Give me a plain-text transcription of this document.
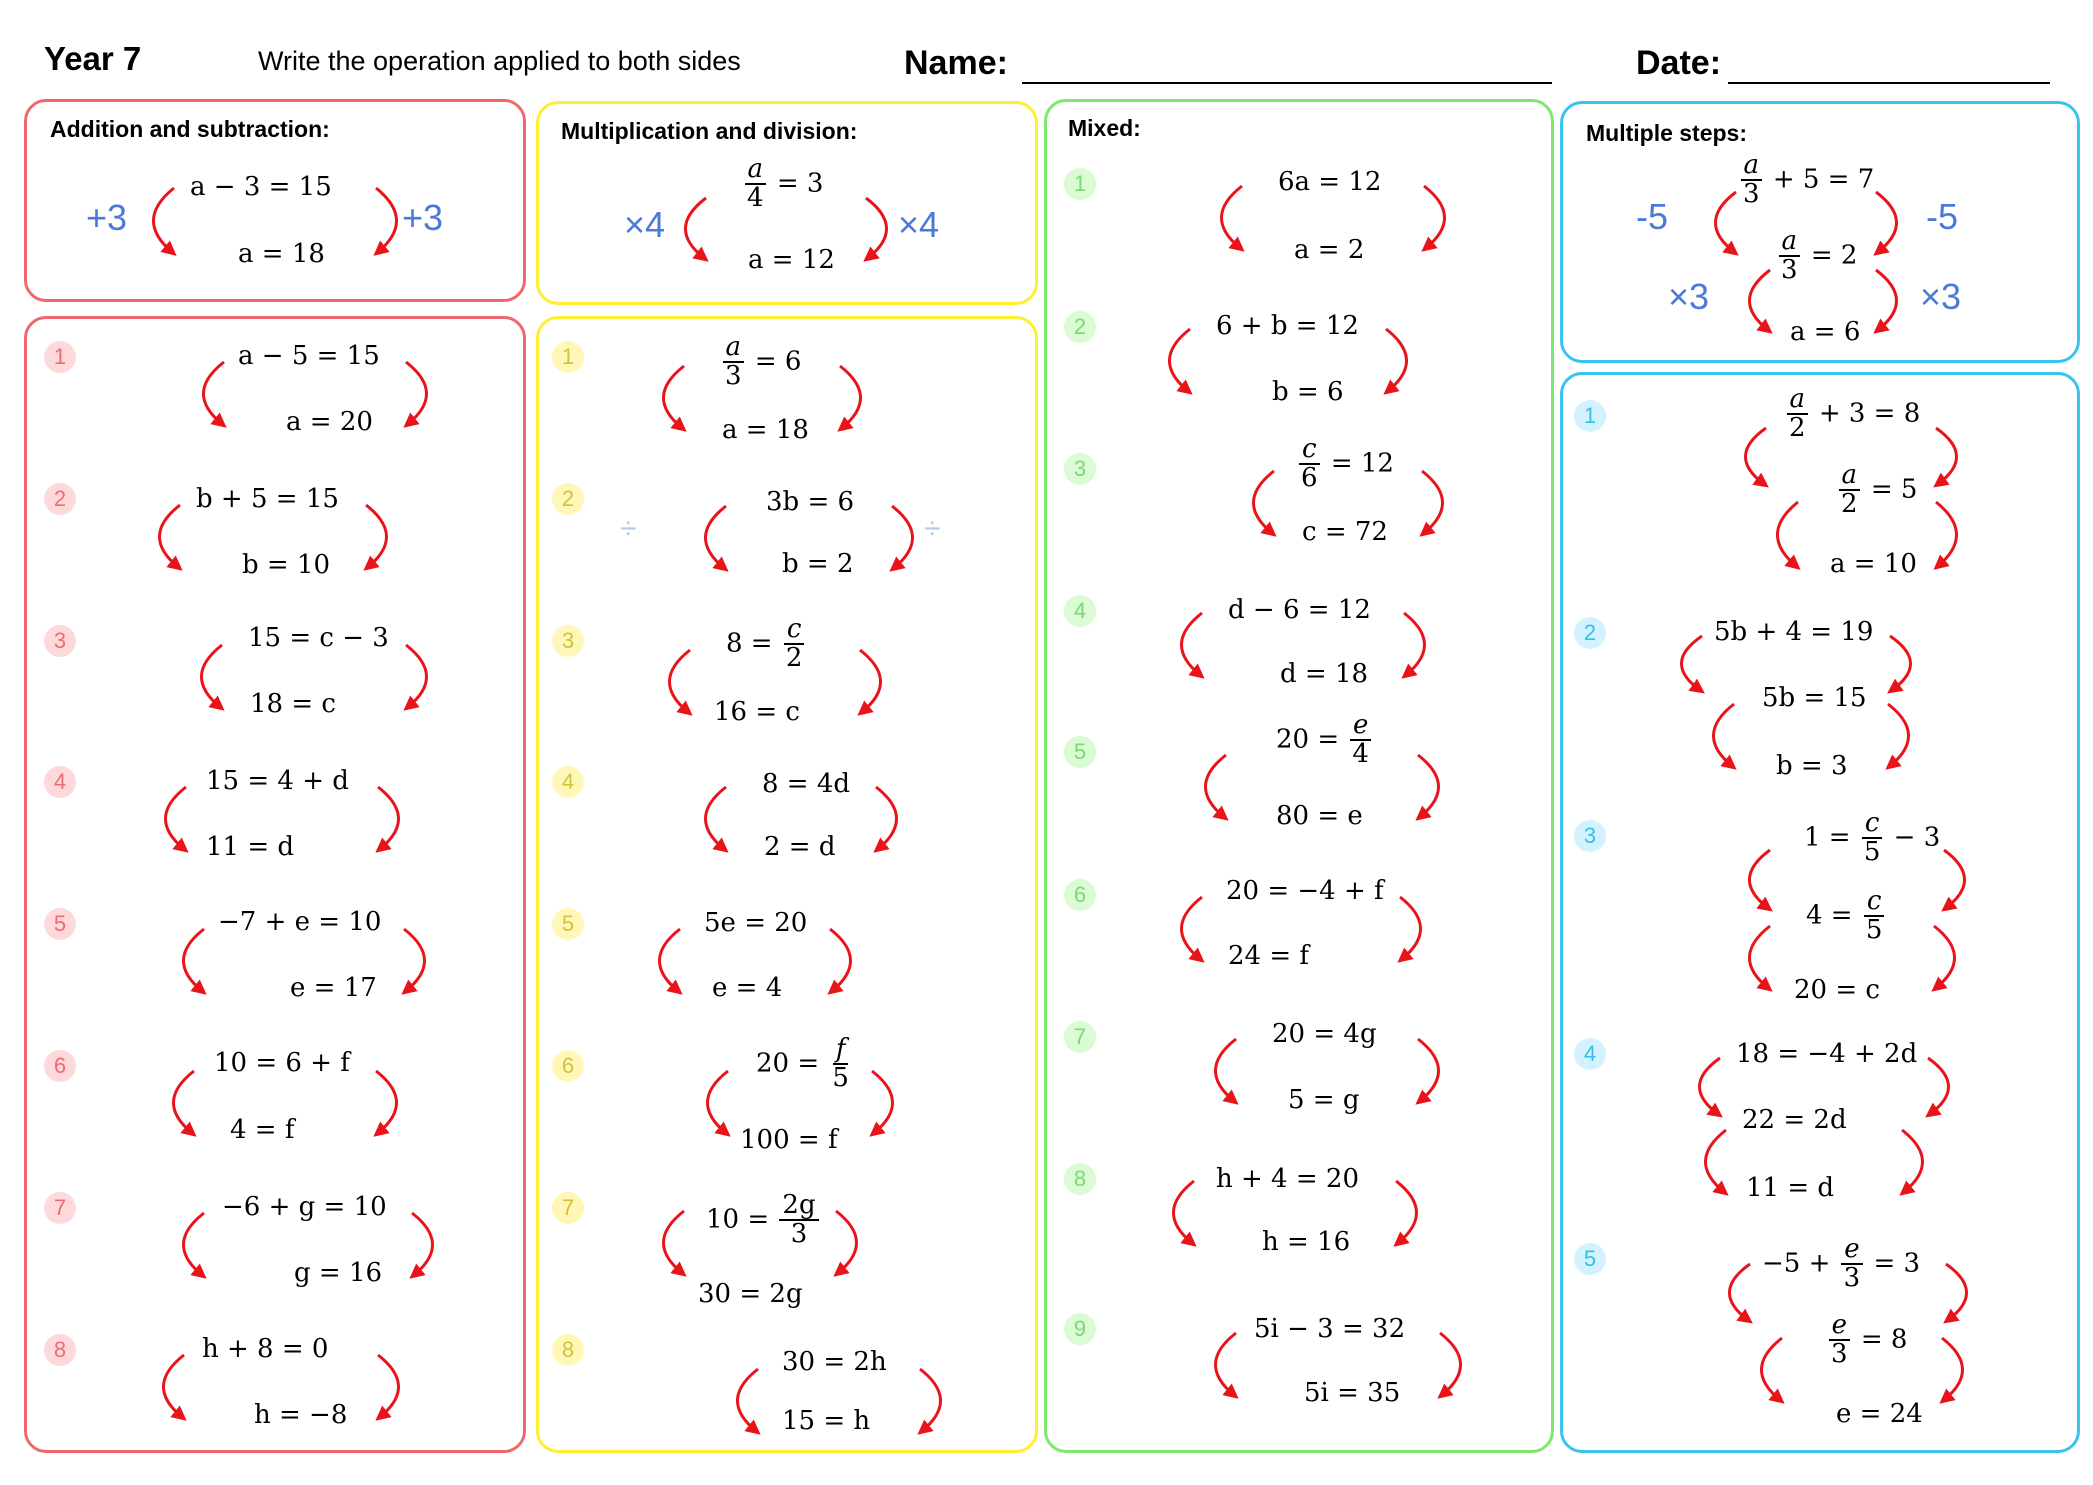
Year 7	Write the operation applied to both sides	Name:	Date:
Addition and subtraction:	Multiplication and division:	Mixed:	Multiple steps:
a − 3 = 15
a = 18
+3	+3
$\frac{a}{4} = 3$
a = 12
×4	×4
$\frac{a}{3} + 5 = 7$
$\frac{a}{3} = 2$
a = 6
-5	-5
×3	×3
1	a − 5 = 15
a = 20
2	b + 5 = 15
b = 10
3	15 = c − 3
18 = c
4	15 = 4 + d
11 = d
5	−7 + e = 10
e = 17
6	10 = 6 + f
4 = f
7	−6 + g = 10
g = 16
8	h + 8 = 0
h = −8
1	$\frac{a}{3} = 6$
a = 18
2	3b = 6
b = 2
÷	÷
3	$8 = \frac{c}{2}$
16 = c
4	8 = 4d
2 = d
5	5e = 20
e = 4
6	$20 = \frac{f}{5}$
100 = f
7	$10 = \frac{2g}{3}$
30 = 2g
8	30 = 2h
15 = h
1	6a = 12
a = 2
2	6 + b = 12
b = 6
3	$\frac{c}{6} = 12$
c = 72
4	d − 6 = 12
d = 18
5	$20 = \frac{e}{4}$
80 = e
6	20 = −4 + f
24 = f
7	20 = 4g
5 = g
8	h + 4 = 20
h = 16
9	5i − 3 = 32
5i = 35
1	$\frac{a}{2} + 3 = 8$
$\frac{a}{2} = 5$
a = 10
2	5b + 4 = 19
5b = 15
b = 3
3	$1 = \frac{c}{5} - 3$
$4 = \frac{c}{5}$
20 = c
4	18 = −4 + 2d
22 = 2d
11 = d
5	$-5 + \frac{e}{3} = 3$
$\frac{e}{3} = 8$
e = 24
